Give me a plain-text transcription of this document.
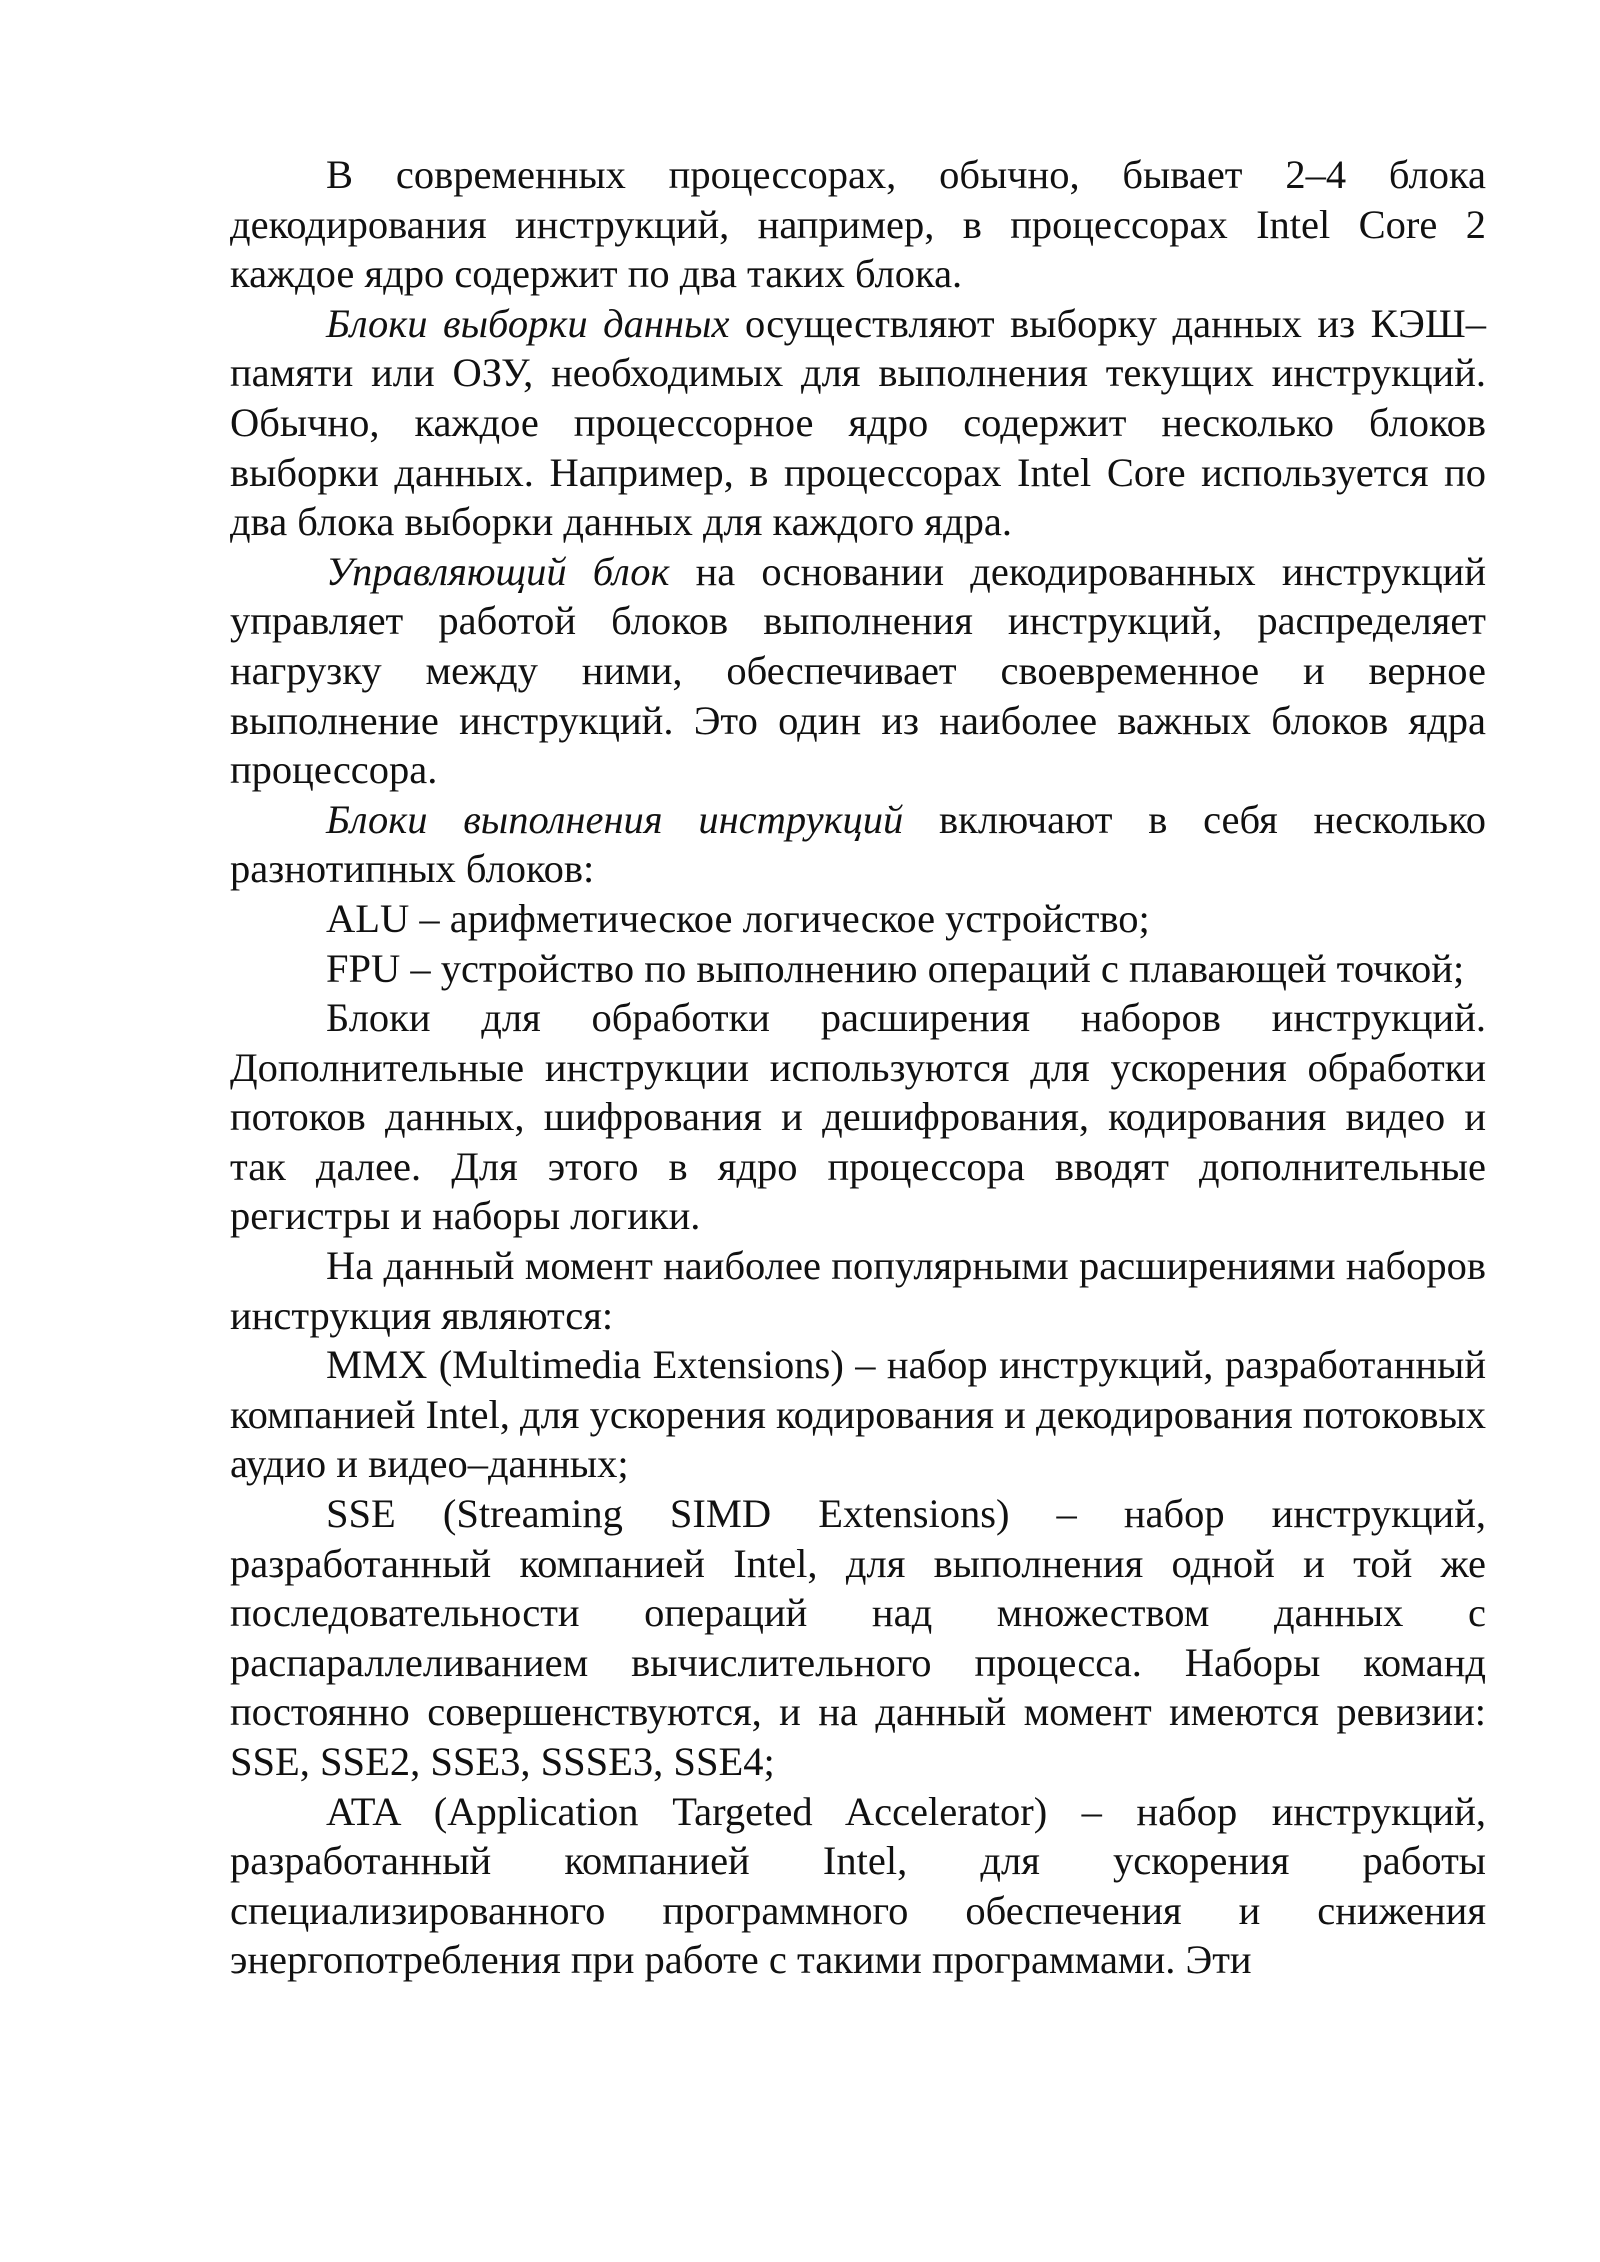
В современных процессорах, обычно, бывает 2–4 блока декодирования инструкций, например, в процессорах Intel Core 2 каждое ядро содержит по два таких блока.

Блоки выборки данных осуществляют выборку данных из КЭШ–памяти или ОЗУ, необходимых для выполнения текущих инструкций. Обычно, каждое процессорное ядро содержит несколько блоков выборки данных. Например, в процессорах Intel Core используется по два блока выборки данных для каждого ядра.

Управляющий блок на основании декодированных инструкций управляет работой блоков выполнения инструкций, распределяет нагрузку между ними, обеспечивает своевременное и верное выполнение инструкций. Это один из наиболее важных блоков ядра процессора.

Блоки выполнения инструкций включают в себя несколько разнотипных блоков:

ALU – арифметическое логическое устройство;

FPU – устройство по выполнению операций с плавающей точкой;

Блоки для обработки расширения наборов инструкций. Дополнительные инструкции используются для ускорения обработки потоков данных, шифрования и дешифрования, кодирования видео и так далее. Для этого в ядро процессора вводят дополнительные регистры и наборы логики.

На данный момент наиболее популярными расширениями наборов инструкция являются:

MMX (Multimedia Extensions) – набор инструкций, разработанный компанией Intel, для ускорения кодирования и декодирования потоковых аудио и видео–данных;

SSE (Streaming SIMD Extensions) – набор инструкций, разработанный компанией Intel, для выполнения одной и той же последовательности операций над множеством данных с распараллеливанием вычислительного процесса. Наборы команд постоянно совершенствуются, и на данный момент имеются ревизии: SSE, SSE2, SSE3, SSSE3, SSE4;

ATA (Application Targeted Accelerator) – набор инструкций, разработанный компанией Intel, для ускорения работы специализированного программного обеспечения и снижения энергопотребления при работе с такими программами. Эти
